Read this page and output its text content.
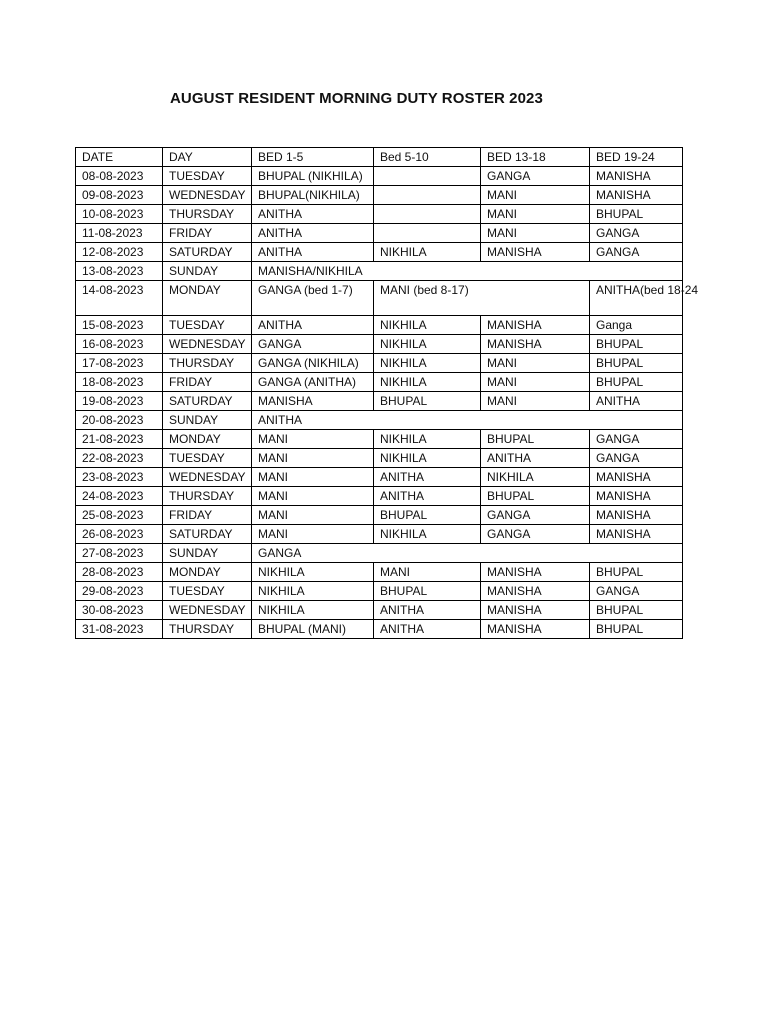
AUGUST RESIDENT MORNING DUTY ROSTER 2023
DATE	DAY	BED 1-5	Bed 5-10	BED 13-18	BED 19-24
08-08-2023	TUESDAY	BHUPAL (NIKHILA)		GANGA	MANISHA
09-08-2023	WEDNESDAY	BHUPAL(NIKHILA)		MANI	MANISHA
10-08-2023	THURSDAY	ANITHA		MANI	BHUPAL
11-08-2023	FRIDAY	ANITHA		MANI	GANGA
12-08-2023	SATURDAY	ANITHA	NIKHILA	MANISHA	GANGA
13-08-2023	SUNDAY	MANISHA/NIKHILA			
14-08-2023	MONDAY	GANGA (bed 1-7)	MANI (bed 8-17)		ANITHA(bed 18-24
15-08-2023	TUESDAY	ANITHA	NIKHILA	MANISHA	Ganga
16-08-2023	WEDNESDAY	GANGA	NIKHILA	MANISHA	BHUPAL
17-08-2023	THURSDAY	GANGA (NIKHILA)	NIKHILA	MANI	BHUPAL
18-08-2023	FRIDAY	GANGA (ANITHA)	NIKHILA	MANI	BHUPAL
19-08-2023	SATURDAY	MANISHA	BHUPAL	MANI	ANITHA
20-08-2023	SUNDAY	ANITHA			
21-08-2023	MONDAY	MANI	NIKHILA	BHUPAL	GANGA
22-08-2023	TUESDAY	MANI	NIKHILA	ANITHA	GANGA
23-08-2023	WEDNESDAY	MANI	ANITHA	NIKHILA	MANISHA
24-08-2023	THURSDAY	MANI	ANITHA	BHUPAL	MANISHA
25-08-2023	FRIDAY	MANI	BHUPAL	GANGA	MANISHA
26-08-2023	SATURDAY	MANI	NIKHILA	GANGA	MANISHA
27-08-2023	SUNDAY	GANGA			
28-08-2023	MONDAY	NIKHILA	MANI	MANISHA	BHUPAL
29-08-2023	TUESDAY	NIKHILA	BHUPAL	MANISHA	GANGA
30-08-2023	WEDNESDAY	NIKHILA	ANITHA	MANISHA	BHUPAL
31-08-2023	THURSDAY	BHUPAL (MANI)	ANITHA	MANISHA	BHUPAL
